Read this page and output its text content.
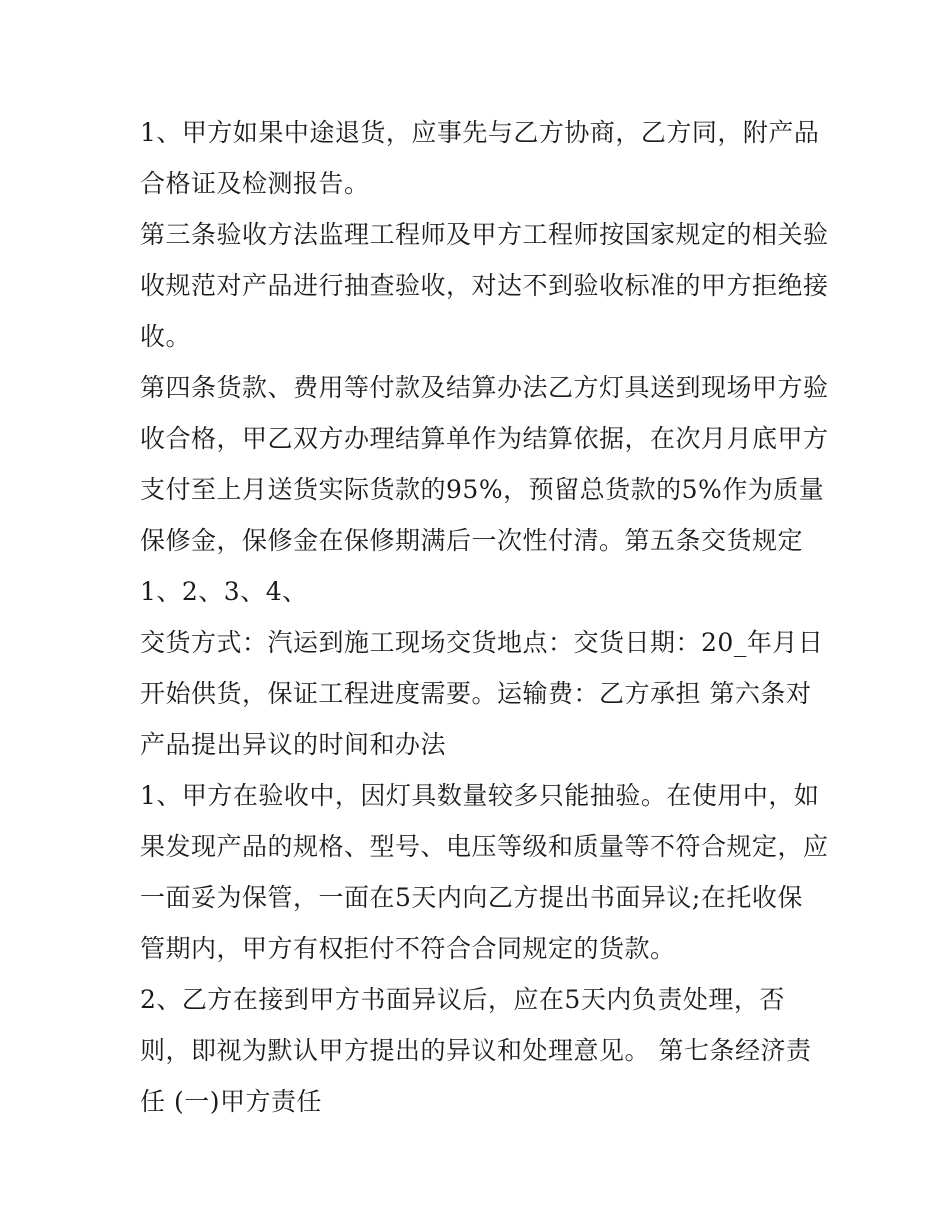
1、甲方如果中途退货，应事先与乙方协商，乙方同，附产品
合格证及检测报告。
第三条验收方法监理工程师及甲方工程师按国家规定的相关验
收规范对产品进行抽查验收，对达不到验收标准的甲方拒绝接
收。
第四条货款、费用等付款及结算办法乙方灯具送到现场甲方验
收合格，甲乙双方办理结算单作为结算依据，在次月月底甲方
支付至上月送货实际货款的95%，预留总货款的5%作为质量
保修金，保修金在保修期满后一次性付清。第五条交货规定
1、2、3、4、
交货方式：汽运到施工现场交货地点：交货日期：20_年月日
开始供货，保证工程进度需要。运输费：乙方承担 第六条对
产品提出异议的时间和办法
1、甲方在验收中，因灯具数量较多只能抽验。在使用中，如
果发现产品的规格、型号、电压等级和质量等不符合规定，应
一面妥为保管，一面在5天内向乙方提出书面异议;在托收保
管期内，甲方有权拒付不符合合同规定的货款。
2、乙方在接到甲方书面异议后，应在5天内负责处理，否
则，即视为默认甲方提出的异议和处理意见。 第七条经济责
任 (一)甲方责任
